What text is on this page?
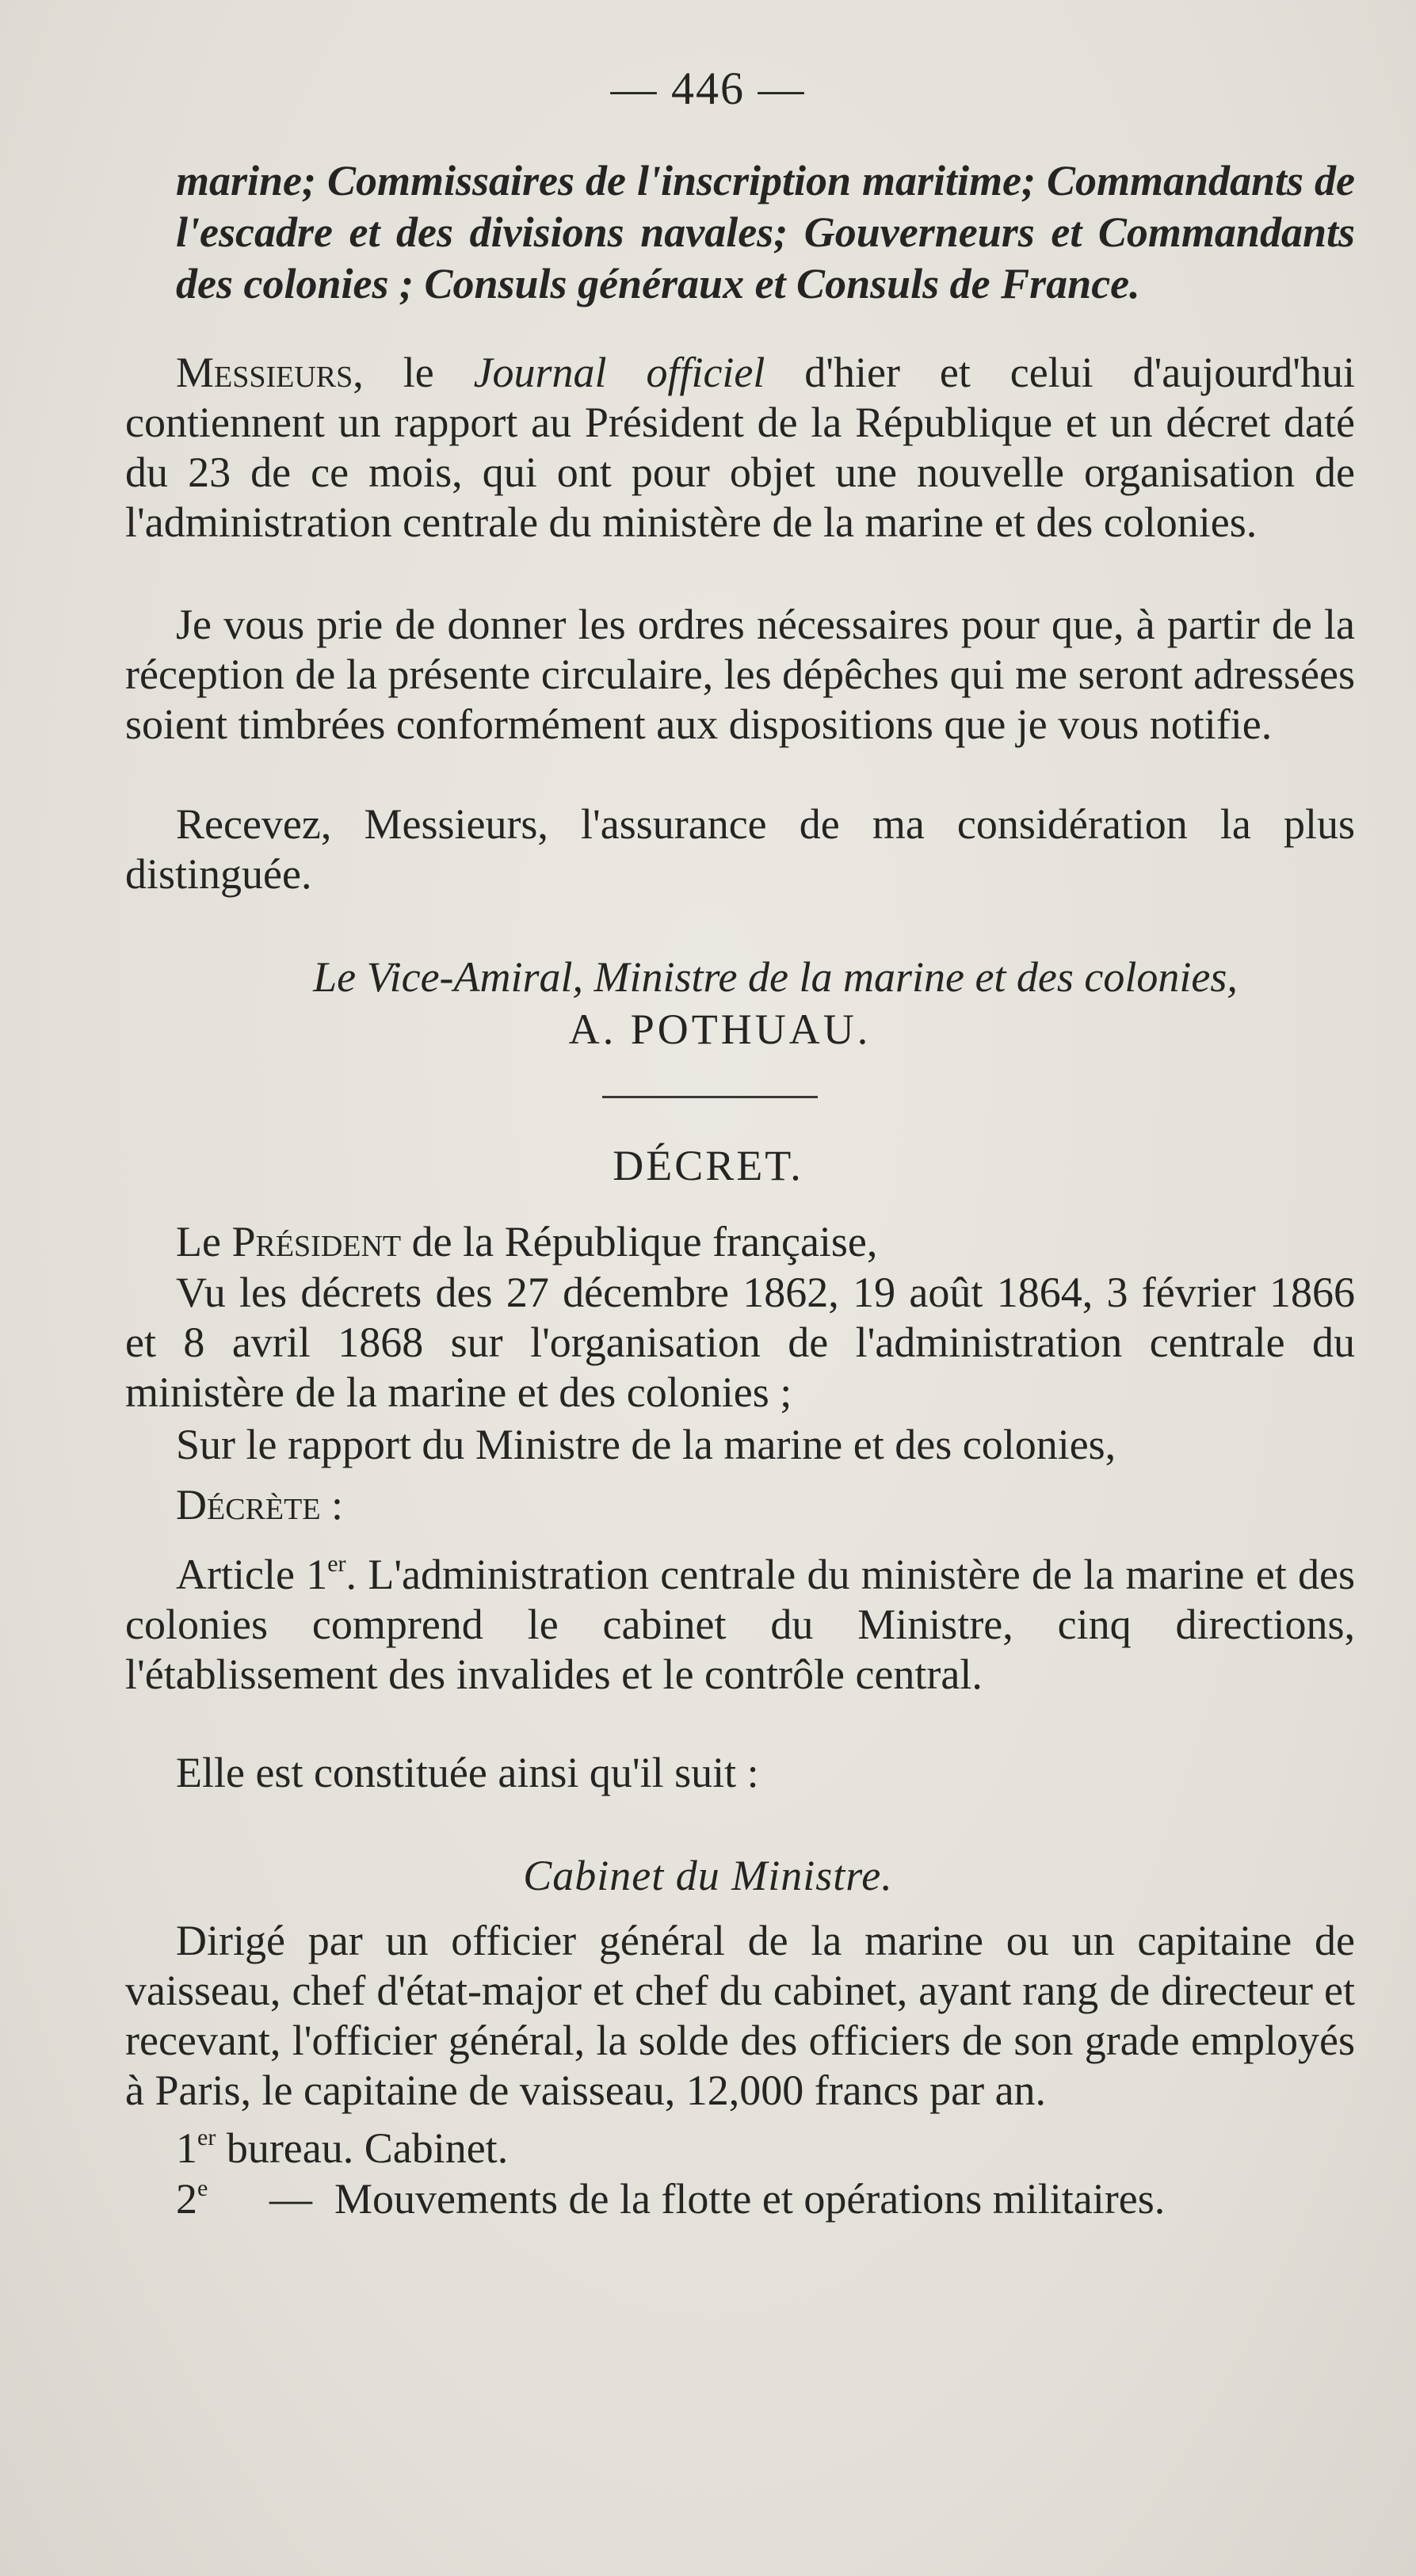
— 446 —
marine; Commissaires de l'inscription maritime; Commandants de l'escadre et des divisions navales; Gouverneurs et Commandants des colonies ; Consuls généraux et Consuls de France.
Messieurs, le Journal officiel d'hier et celui d'aujourd'hui contiennent un rapport au Président de la République et un décret daté du 23 de ce mois, qui ont pour objet une nouvelle organisation de l'administration centrale du ministère de la marine et des colonies.
Je vous prie de donner les ordres nécessaires pour que, à partir de la réception de la présente circulaire, les dépêches qui me seront adressées soient timbrées conformément aux dispositions que je vous notifie.
Recevez, Messieurs, l'assurance de ma considération la plus distinguée.
Le Vice-Amiral, Ministre de la marine et des colonies,
A. POTHUAU.
DÉCRET.
Le Président de la République française,
Vu les décrets des 27 décembre 1862, 19 août 1864, 3 février 1866 et 8 avril 1868 sur l'organisation de l'administration centrale du ministère de la marine et des colonies ;
Sur le rapport du Ministre de la marine et des colonies,
Décrète :
Article 1er. L'administration centrale du ministère de la marine et des colonies comprend le cabinet du Ministre, cinq directions, l'établissement des invalides et le contrôle central.
Elle est constituée ainsi qu'il suit :
Cabinet du Ministre.
Dirigé par un officier général de la marine ou un capitaine de vaisseau, chef d'état-major et chef du cabinet, ayant rang de directeur et recevant, l'officier général, la solde des officiers de son grade employés à Paris, le capitaine de vaisseau, 12,000 francs par an.
1er bureau. Cabinet.
2e — Mouvements de la flotte et opérations militaires.
